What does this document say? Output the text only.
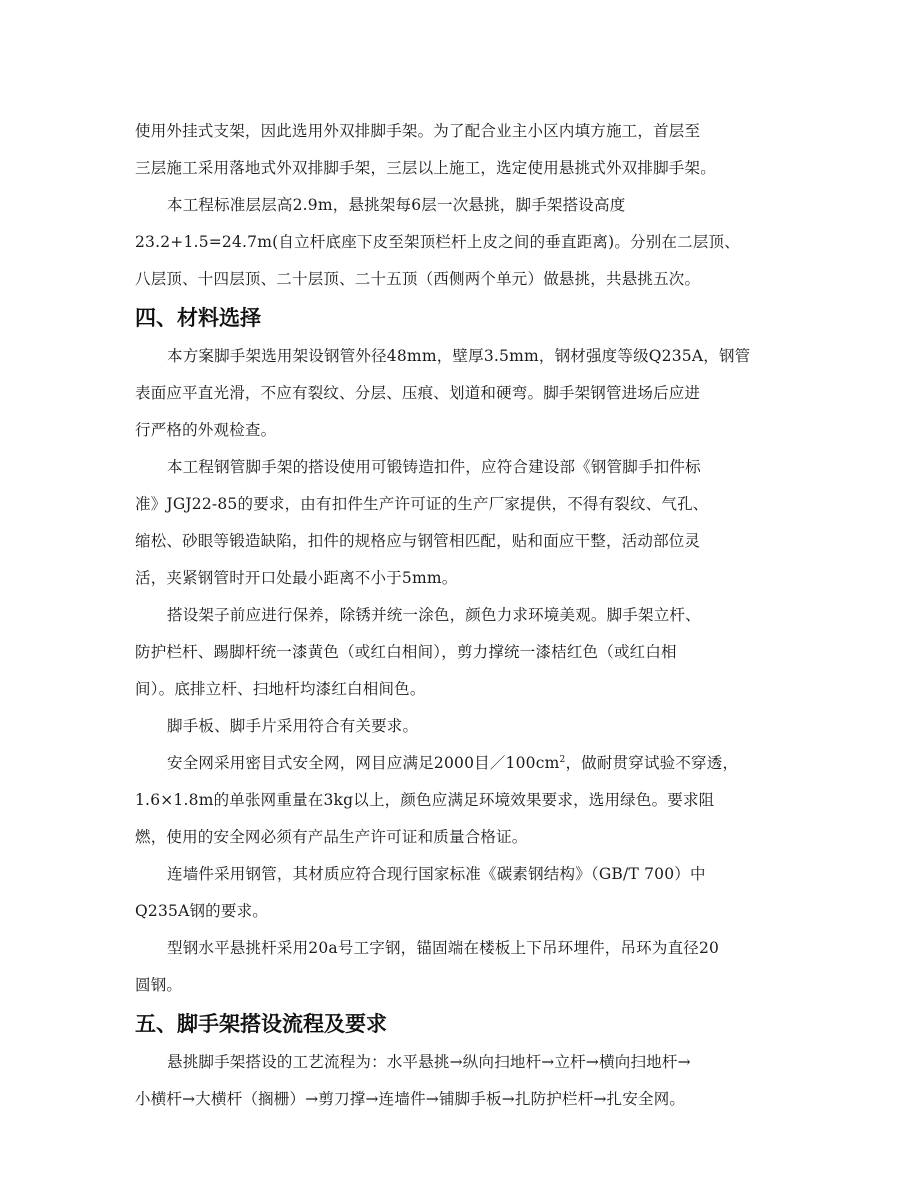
使用外挂式支架，因此选用外双排脚手架。为了配合业主小区内填方施工，首层至
三层施工采用落地式外双排脚手架，三层以上施工，选定使用悬挑式外双排脚手架。
本工程标准层层高2.9m，悬挑架每6层一次悬挑，脚手架搭设高度
23.2+1.5=24.7m(自立杆底座下皮至架顶栏杆上皮之间的垂直距离)。分别在二层顶、
八层顶、十四层顶、二十层顶、二十五顶（西侧两个单元）做悬挑，共悬挑五次。
四、材料选择
本方案脚手架选用架设钢管外径48mm，壁厚3.5mm，钢材强度等级Q235A，钢管
表面应平直光滑，不应有裂纹、分层、压痕、划道和硬弯。脚手架钢管进场后应进
行严格的外观检查。
本工程钢管脚手架的搭设使用可锻铸造扣件，应符合建设部《钢管脚手扣件标
准》JGJ22-85的要求，由有扣件生产许可证的生产厂家提供，不得有裂纹、气孔、
缩松、砂眼等锻造缺陷，扣件的规格应与钢管相匹配，贴和面应干整，活动部位灵
活，夹紧钢管时开口处最小距离不小于5mm。
搭设架子前应进行保养，除锈并统一涂色，颜色力求环境美观。脚手架立杆、
防护栏杆、踢脚杆统一漆黄色（或红白相间），剪力撑统一漆桔红色（或红白相
间）。底排立杆、扫地杆均漆红白相间色。
脚手板、脚手片采用符合有关要求。
安全网采用密目式安全网，网目应满足2000目$/100cm^2$，做耐贯穿试验不穿透，
1.6×1.8m的单张网重量在3kg以上，颜色应满足环境效果要求，选用绿色。要求阻
燃，使用的安全网必须有产品生产许可证和质量合格证。
连墙件采用钢管，其材质应符合现行国家标准《碳素钢结构》（GB/T 700）中
Q235A钢的要求。
型钢水平悬挑杆采用20a号工字钢，锚固端在楼板上下吊环埋件，吊环为直径20
圆钢。
五、脚手架搭设流程及要求
悬挑脚手架搭设的工艺流程为：水平悬挑→纵向扫地杆→立杆→横向扫地杆→
小横杆→大横杆（搁栅）→剪刀撑→连墙件→铺脚手板→扎防护栏杆→扎安全网。
